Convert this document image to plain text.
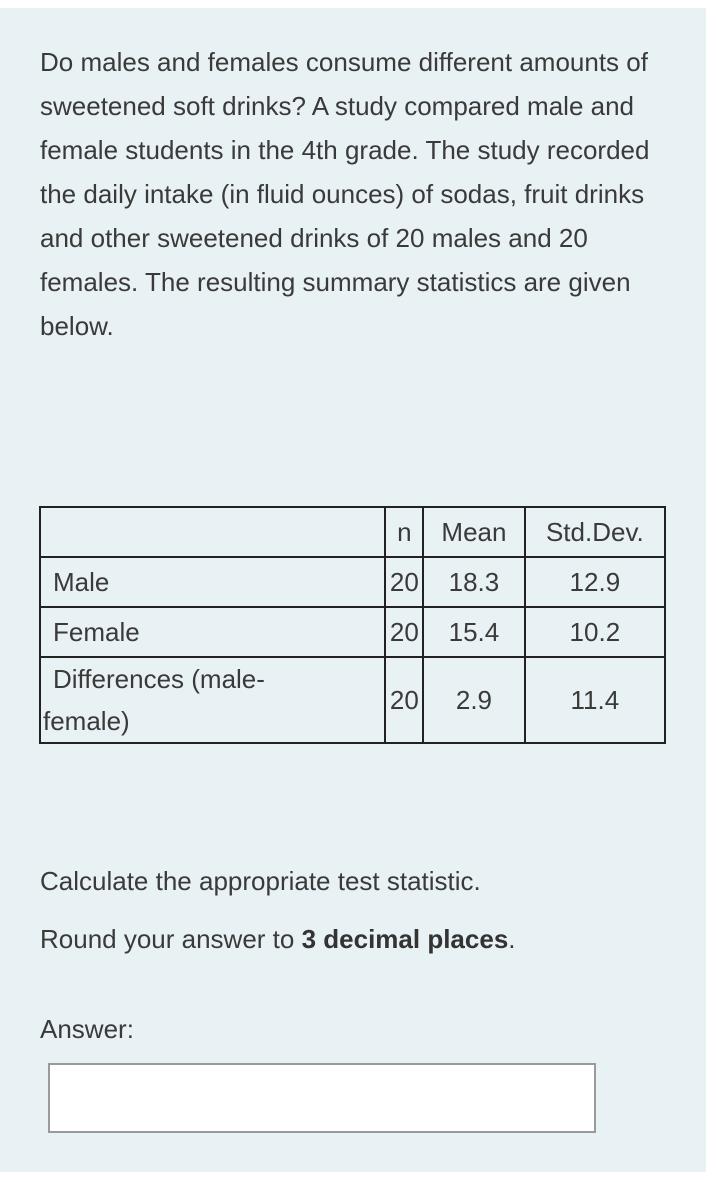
Do males and females consume different amounts of sweetened soft drinks? A study compared male and female students in the 4th grade. The study recorded the daily intake (in fluid ounces) of sodas, fruit drinks and other sweetened drinks of 20 males and 20 females. The resulting summary statistics are given below.
	n	Mean	Std.Dev.
Male	20	18.3	12.9
Female	20	15.4	10.2

Differences (male-
female)	20	2.9	11.4
Calculate the appropriate test statistic.
Round your answer to 3 decimal places.
Answer:
